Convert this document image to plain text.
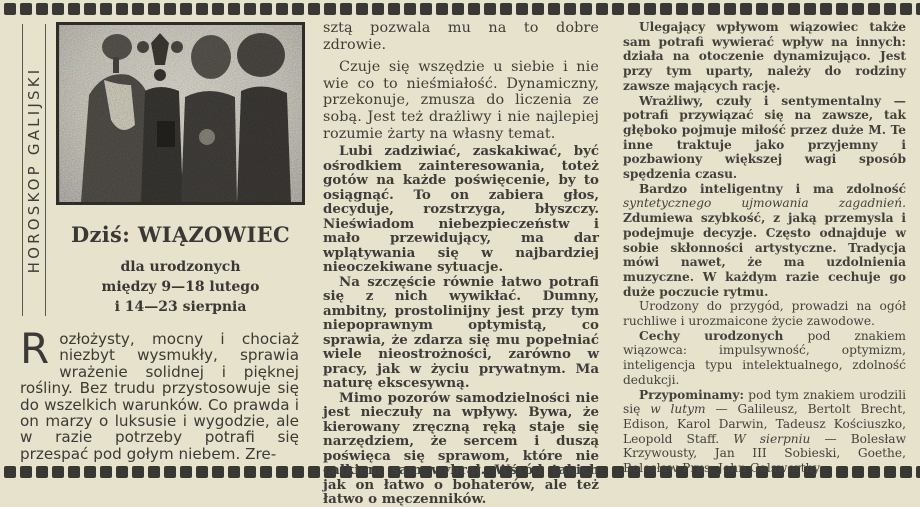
HOROSKOP GALIJSKI	Dziś: WIĄZOWIEC
dla urodzonych
między 9—18 lutego
i 14—23 sierpnia
R ozłożysty, mocny i chociaż niezbyt wysmukły, sprawia wrażenie solidnej i pięknej rośliny. Bez trudu przystosowuje się do wszelkich warunków. Co prawda i on marzy o luksusie i wygodzie, ale w razie potrzeby potrafi się przespać pod gołym niebem. Zre-

sztą pozwala mu na to dobre zdrowie.

Czuje się wszędzie u siebie i nie wie co to nieśmiałość. Dynamiczny, przekonuje, zmusza do liczenia ze sobą. Jest też drażliwy i nie najlepiej rozumie żarty na własny temat.

Lubi zadziwiać, zaskakiwać, być ośrodkiem zainteresowania, toteż gotów na każde poświęcenie, by to osiągnąć. To on zabiera głos, decyduje, rozstrzyga, błyszczy. Nieświadom niebezpieczeństw i mało przewidujący, ma dar wplątywania się w najbardziej nieoczekiwane sytuacje.

Na szczęście równie łatwo potrafi się z nich wywikłać. Dumny, ambitny, prostolinijny jest przy tym niepoprawnym optymistą, co sprawia, że zdarza się mu popełniać wiele nieostrożności, zarówno w pracy, jak w życiu prywatnym. Ma naturę ekscesywną.

Mimo pozorów samodzielności nie jest nieczuły na wpływy. Bywa, że kierowany zręczną ręką staje się narzędziem, że sercem i duszą poświęca się sprawom, które nie całkiem sam wybrał. Wśród takich jak on łatwo o bohaterów, ale też łatwo o męczenników.

Ulegający wpływom wiązowiec także sam potrafi wywierać wpływ na innych: działa na otoczenie dynamizująco. Jest przy tym uparty, należy do rodziny zawsze mających rację.

Wrażliwy, czuły i sentymentalny — potrafi przywiązać się na zawsze, tak głęboko pojmuje miłość przez duże M. Te inne traktuje jako przyjemny i pozbawiony większej wagi sposób spędzenia czasu.

Bardzo inteligentny i ma zdolność syntetycznego ujmowania zagadnień. Zdumiewa szybkość, z jaką przemysla i podejmuje decyzje. Często odnajduje w sobie skłonności artystyczne. Tradycja mówi nawet, że ma uzdolnienia muzyczne. W każdym razie cechuje go duże poczucie rytmu.

Urodzony do przygód, prowadzi na ogół ruchliwe i urozmaicone życie zawodowe.

Cechy urodzonych pod znakiem wiązowca: impulsywność, optymizm, inteligencja typu intelektualnego, zdolność dedukcji.

Przypominamy: pod tym znakiem urodzili się w lutym — Galileusz, Bertolt Brecht, Edison, Karol Darwin, Tadeusz Kościuszko, Leopold Staff. W sierpniu — Bolesław Krzywousty, Jan III Sobieski, Goethe, Bolesław Prus, John Galsworthy.
